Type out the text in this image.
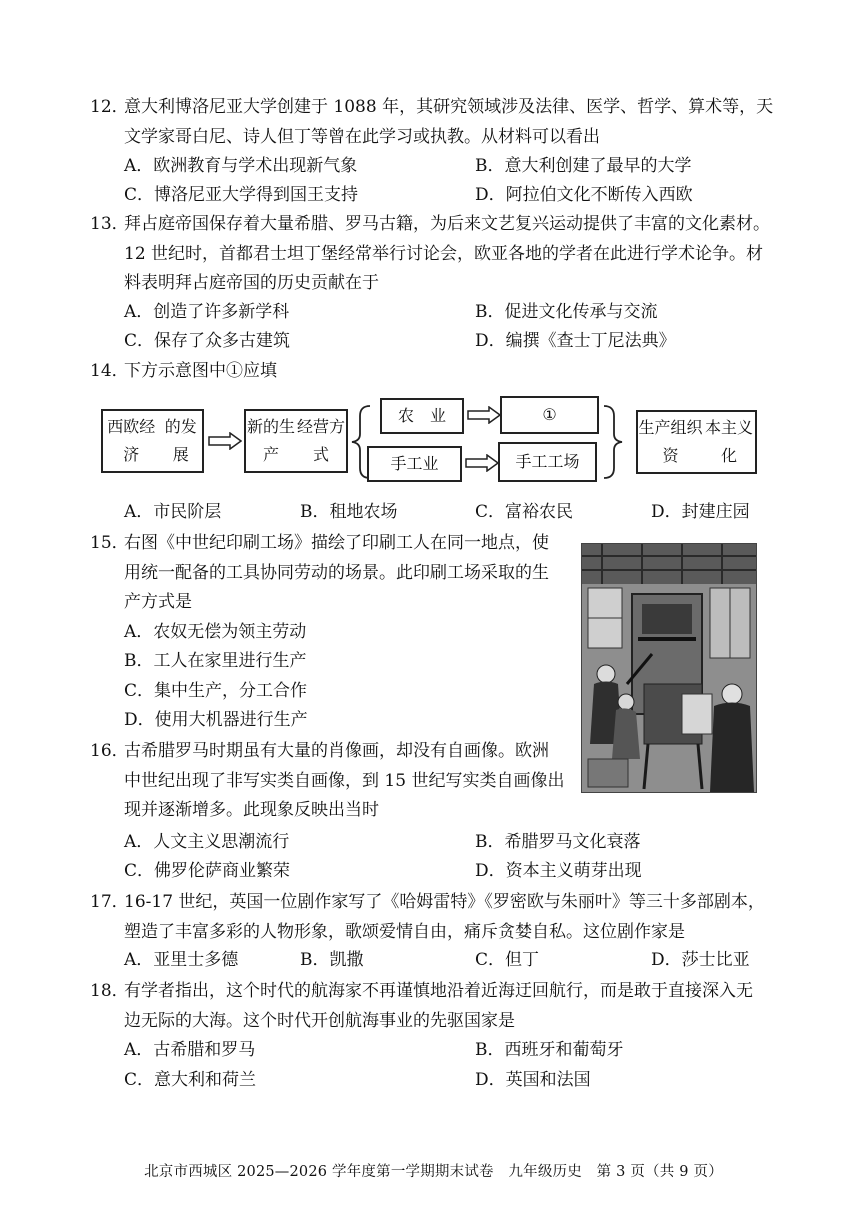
12．意大利博洛尼亚大学创建于 1088 年，其研究领域涉及法律、医学、哲学、算术等，天
文学家哥白尼、诗人但丁等曾在此学习或执教。从材料可以看出
A．欧洲教育与学术出现新气象	B．意大利创建了最早的大学
C．博洛尼亚大学得到国王支持	D．阿拉伯文化不断传入西欧
13．拜占庭帝国保存着大量希腊、罗马古籍，为后来文艺复兴运动提供了丰富的文化素材。
12 世纪时，首都君士坦丁堡经常举行讨论会，欧亚各地的学者在此进行学术论争。材
料表明拜占庭帝国的历史贡献在于
A．创造了许多新学科	B．促进文化传承与交流
C．保存了众多古建筑	D．编撰《查士丁尼法典》
14．下方示意图中①应填
西欧经济

的发展
新的生产

经营方式
农　业	①
手工业	手工工场
生产组织资

本主义化
A．市民阶层	B．租地农场	C．富裕农民	D．封建庄园
15．右图《中世纪印刷工场》描绘了印刷工人在同一地点，使
用统一配备的工具协同劳动的场景。此印刷工场采取的生
产方式是
A．农奴无偿为领主劳动
B．工人在家里进行生产
C．集中生产，分工合作
D．使用大机器进行生产
16．古希腊罗马时期虽有大量的肖像画，却没有自画像。欧洲
中世纪出现了非写实类自画像，到 15 世纪写实类自画像出
现并逐渐增多。此现象反映出当时
A．人文主义思潮流行	B．希腊罗马文化衰落
C．佛罗伦萨商业繁荣	D．资本主义萌芽出现
17．16-17 世纪，英国一位剧作家写了《哈姆雷特》《罗密欧与朱丽叶》等三十多部剧本，
塑造了丰富多彩的人物形象，歌颂爱情自由，痛斥贪婪自私。这位剧作家是
A．亚里士多德	B．凯撒	C．但丁	D．莎士比亚
18．有学者指出，这个时代的航海家不再谨慎地沿着近海迂回航行，而是敢于直接深入无
边无际的大海。这个时代开创航海事业的先驱国家是
A．古希腊和罗马	B．西班牙和葡萄牙
C．意大利和荷兰	D．英国和法国
北京市西城区 2025—2026 学年度第一学期期末试卷　九年级历史　第 3 页（共 9 页）
